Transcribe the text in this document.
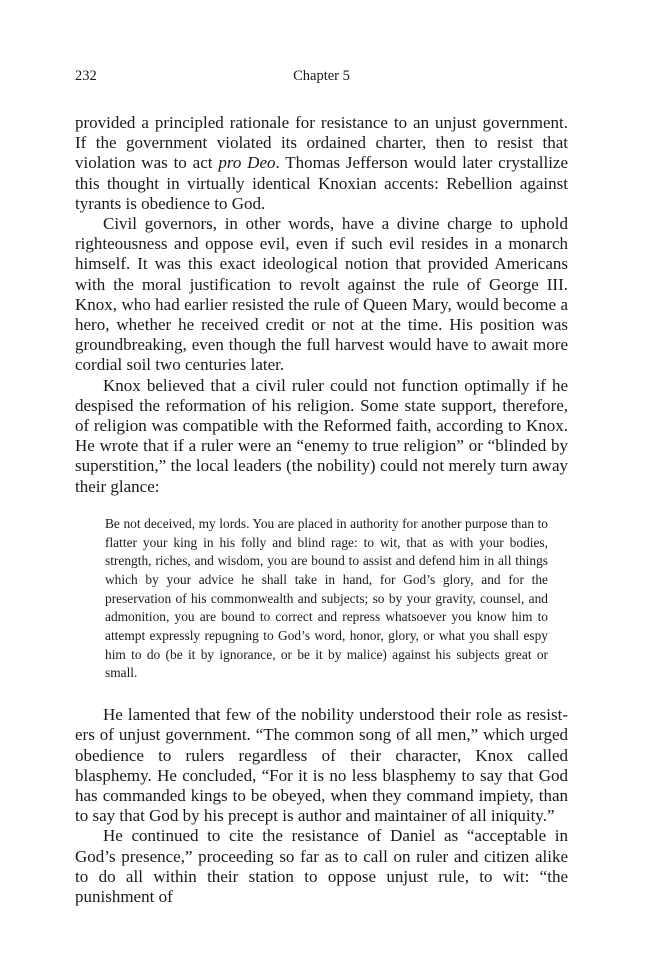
232	Chapter 5

provided a principled rationale for resistance to an unjust government. If the government violated its ordained charter, then to resist that violation was to act pro Deo. Thomas Jefferson would later crystallize this thought in virtually identical Knoxian accents: Rebellion against tyrants is obedience to God.

Civil governors, in other words, have a divine charge to uphold righteousness and oppose evil, even if such evil resides in a monarch himself. It was this exact ideological notion that provided Americans with the moral justification to revolt against the rule of George III. Knox, who had earlier resisted the rule of Queen Mary, would become a hero, whether he received credit or not at the time. His position was groundbreaking, even though the full harvest would have to await more cordial soil two centuries later.

Knox believed that a civil ruler could not function optimally if he despised the reformation of his religion. Some state support, therefore, of religion was compatible with the Reformed faith, according to Knox. He wrote that if a ruler were an “enemy to true religion” or “blinded by superstition,” the local leaders (the nobility) could not merely turn away their glance:

Be not deceived, my lords. You are placed in authority for another purpose than to flatter your king in his folly and blind rage: to wit, that as with your bodies, strength, riches, and wisdom, you are bound to assist and defend him in all things which by your advice he shall take in hand, for God’s glory, and for the preservation of his commonwealth and subjects; so by your gravity, counsel, and admonition, you are bound to correct and repress whatsoever you know him to attempt expressly repugning to God’s word, honor, glory, or what you shall espy him to do (be it by ignorance, or be it by malice) against his subjects great or small.

He lamented that few of the nobility understood their role as resisters of unjust government. “The common song of all men,” which urged obedience to rulers regardless of their character, Knox called blasphemy. He concluded, “For it is no less blasphemy to say that God has commanded kings to be obeyed, when they command impiety, than to say that God by his precept is author and maintainer of all iniquity.”

He continued to cite the resistance of Daniel as “acceptable in God’s presence,” proceeding so far as to call on ruler and citizen alike to do all within their station to oppose unjust rule, to wit: “the punishment of
